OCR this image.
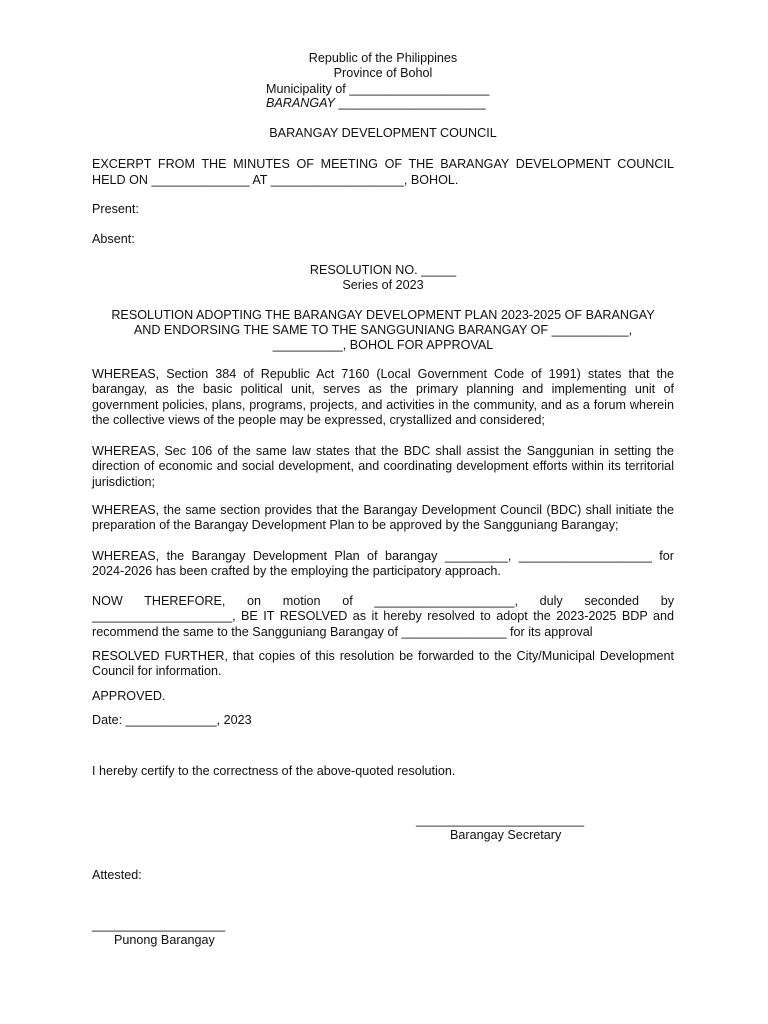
Republic of the Philippines
Province of Bohol
Municipality of ____________________
BARANGAY _____________________
BARANGAY DEVELOPMENT COUNCIL
EXCERPT FROM THE MINUTES OF MEETING OF THE BARANGAY DEVELOPMENT COUNCIL
HELD ON ______________ AT ___________________, BOHOL.
Present:
Absent:
RESOLUTION NO. _____
Series of 2023
RESOLUTION ADOPTING THE BARANGAY DEVELOPMENT PLAN 2023-2025 OF BARANGAY
AND ENDORSING THE SAME TO THE SANGGUNIANG BARANGAY OF ___________,
__________, BOHOL FOR APPROVAL
WHEREAS, Section 384 of Republic Act 7160 (Local Government Code of 1991) states that the barangay, as the basic political unit, serves as the primary planning and implementing unit of government policies, plans, programs, projects, and activities in the community, and as a forum wherein the collective views of the people may be expressed, crystallized and considered;
WHEREAS, Sec 106 of the same law states that the BDC shall assist the Sanggunian in setting the direction of economic and social development, and coordinating development efforts within its territorial jurisdiction;
WHEREAS, the same section provides that the Barangay Development Council (BDC) shall initiate the preparation of the Barangay Development Plan to be approved by the Sangguniang Barangay;
WHEREAS, the Barangay Development Plan of barangay _________, ___________________ for 2024-2026 has been crafted by the employing the participatory approach.
NOW THEREFORE, on motion of ____________________, duly seconded by ____________________, BE IT RESOLVED as it hereby resolved to adopt the 2023-2025 BDP and recommend the same to the Sangguniang Barangay of _______________ for its approval
RESOLVED FURTHER, that copies of this resolution be forwarded to the City/Municipal Development Council for information.
APPROVED.
Date: _____________, 2023
I hereby certify to the correctness of the above-quoted resolution.
________________________
Barangay Secretary
Attested:
___________________
Punong Barangay
